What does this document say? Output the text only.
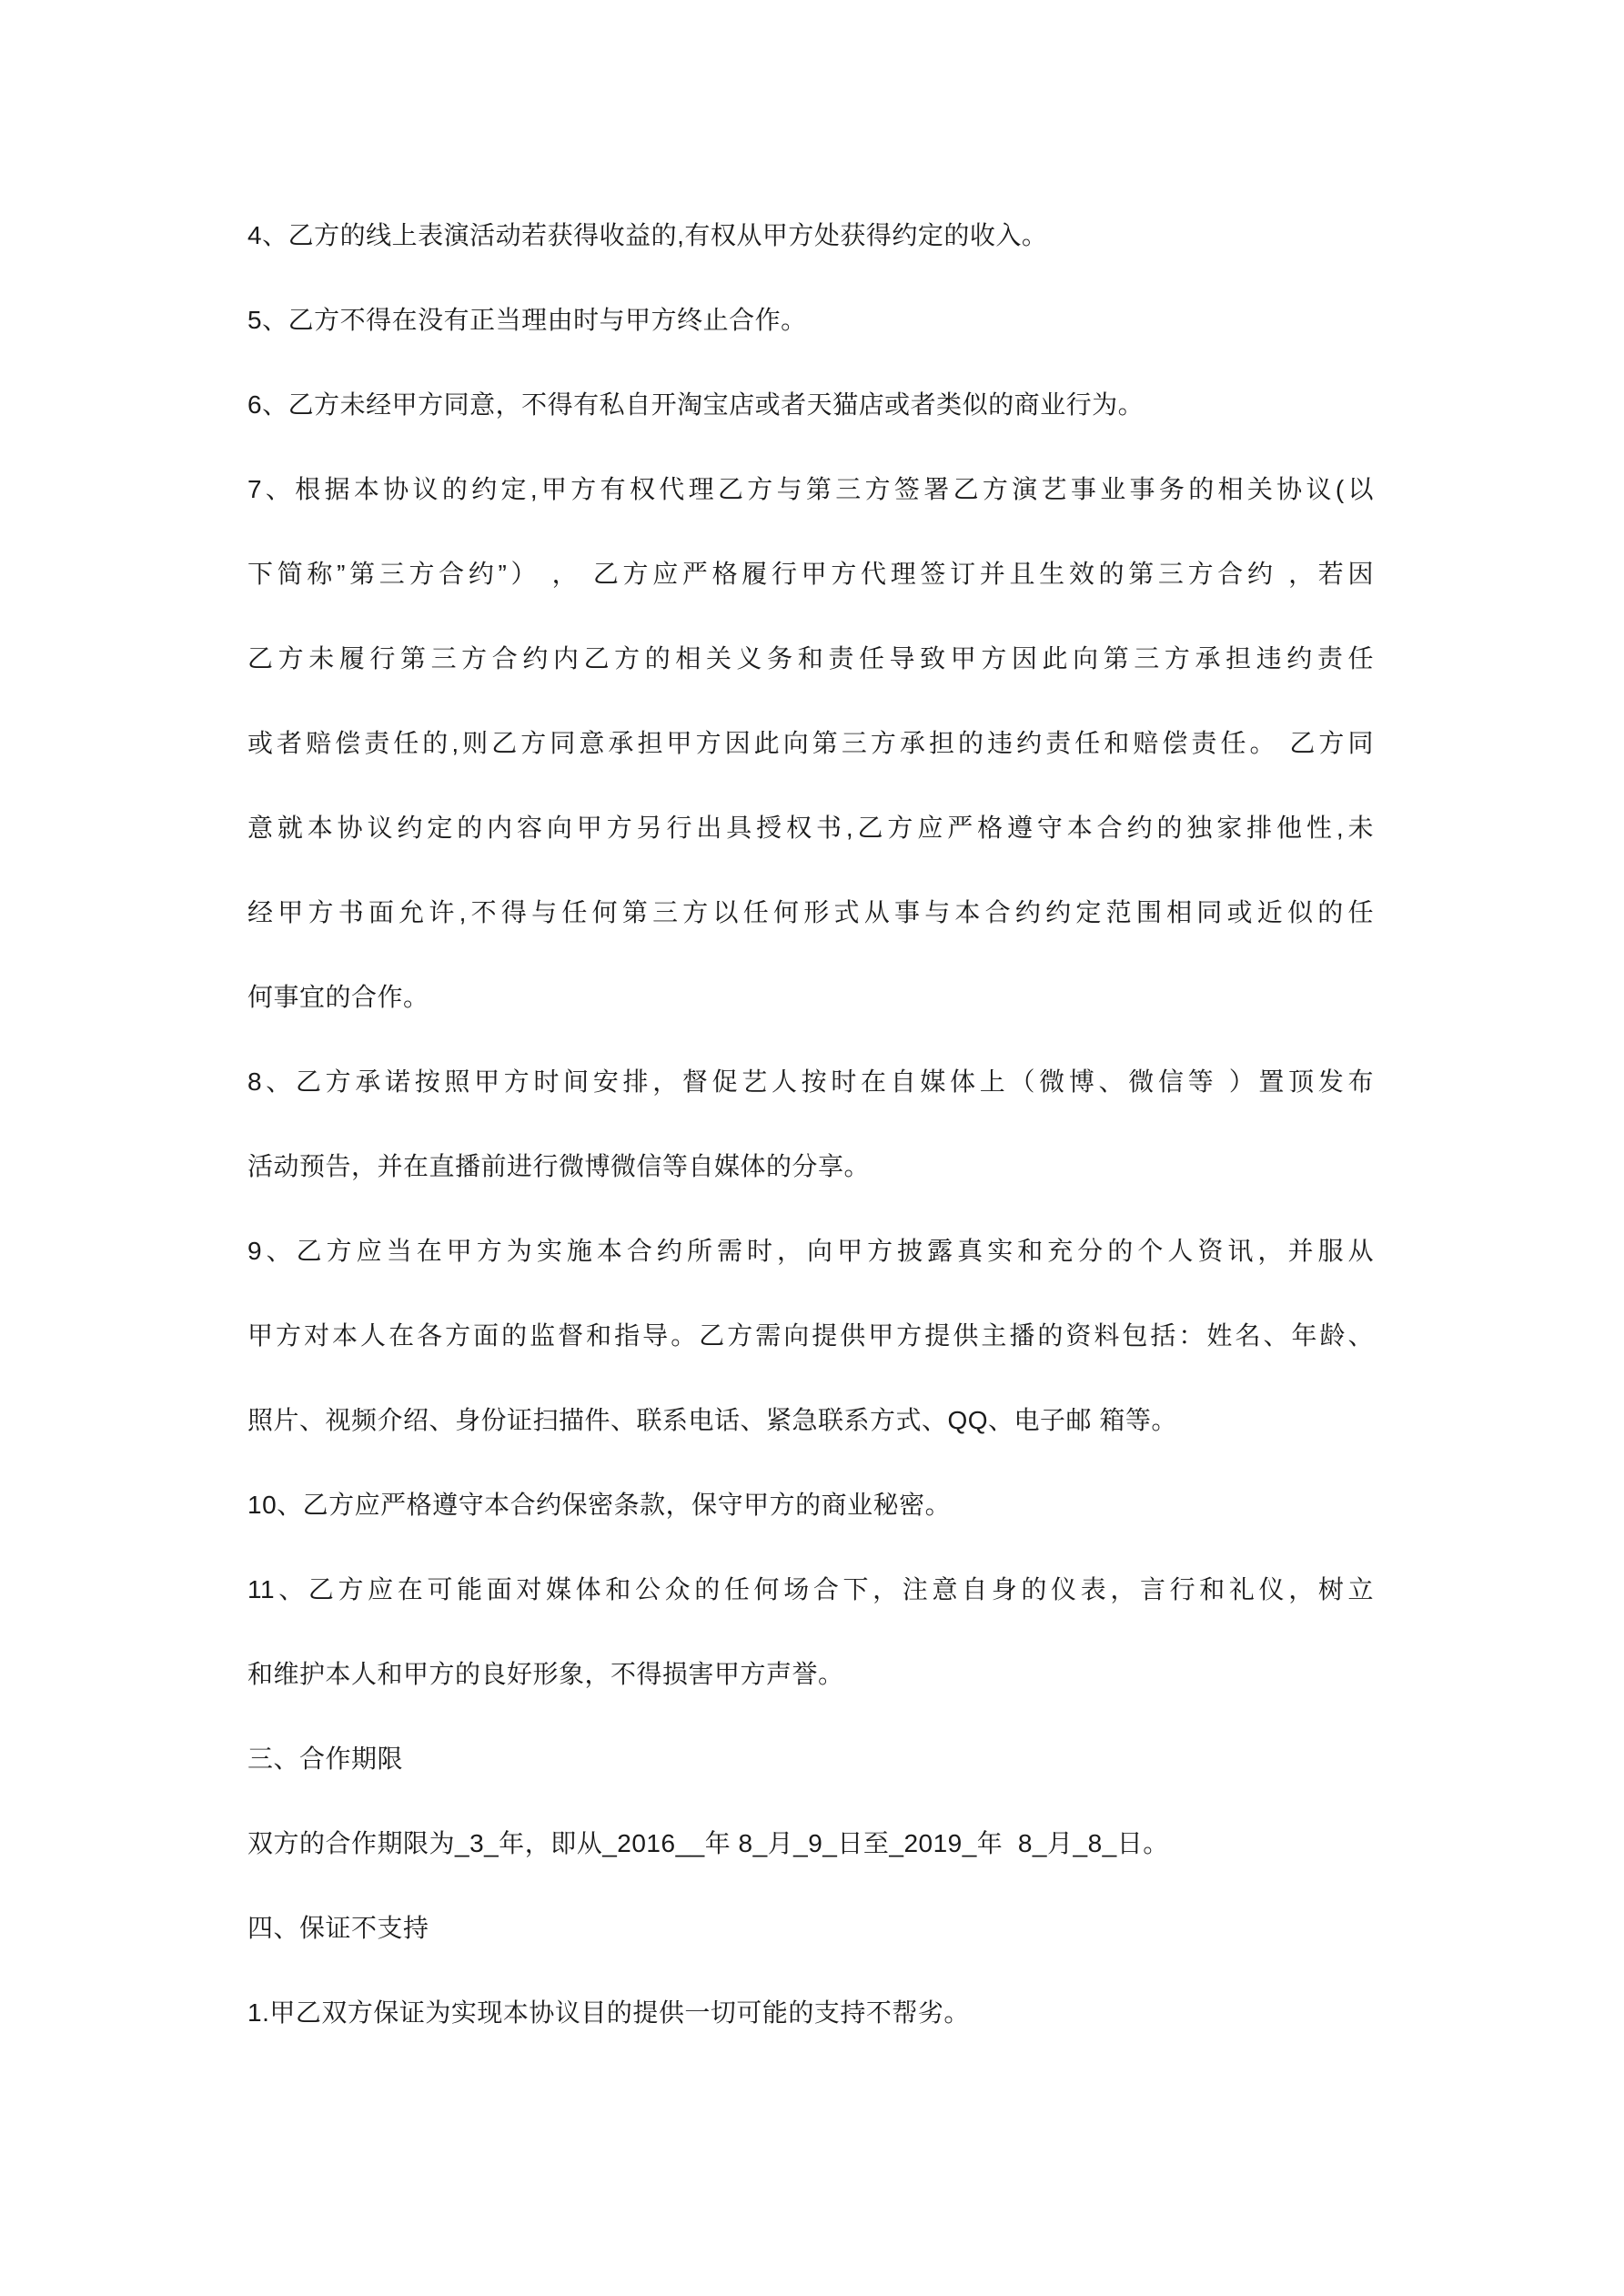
4、乙方的线上表演活动若获得收益的,有权从甲方处获得约定的收入。
5、乙方不得在没有正当理由时与甲方终止合作。
6、乙方未经甲方同意，不得有私自开淘宝店或者天猫店或者类似的商业行为。
7、根据本协议的约定,甲方有权代理乙方与第三方签署乙方演艺事业事务的相关协议(以
下简称”第三方合约”） ， 乙方应严格履行甲方代理签订并且生效的第三方合约 ，若因
乙方未履行第三方合约内乙方的相关义务和责任导致甲方因此向第三方承担违约责任
或者赔偿责任的,则乙方同意承担甲方因此向第三方承担的违约责任和赔偿责任。 乙方同
意就本协议约定的内容向甲方另行出具授权书,乙方应严格遵守本合约的独家排他性,未
经甲方书面允许,不得与任何第三方以任何形式从事与本合约约定范围相同或近似的任
何事宜的合作。
8、乙方承诺按照甲方时间安排，督促艺人按时在自媒体上（微博、微信等 ）置顶发布
活动预告，并在直播前进行微博微信等自媒体的分享。
9、乙方应当在甲方为实施本合约所需时，向甲方披露真实和充分的个人资讯，并服从
甲方对本人在各方面的监督和指导。乙方需向提供甲方提供主播的资料包括：姓名、年龄、
照片、视频介绍、身份证扫描件、联系电话、紧急联系方式、QQ、电子邮 箱等。
10、乙方应严格遵守本合约保密条款，保守甲方的商业秘密。
11、乙方应在可能面对媒体和公众的任何场合下，注意自身的仪表，言行和礼仪，树立
和维护本人和甲方的良好形象，不得损害甲方声誉。
三、合作期限
双方的合作期限为_3_年，即从_2016__年 8_月_9_日至_2019_年  8_月_8_日。
四、保证不支持
1.甲乙双方保证为实现本协议目的提供一切可能的支持不帮劣。
